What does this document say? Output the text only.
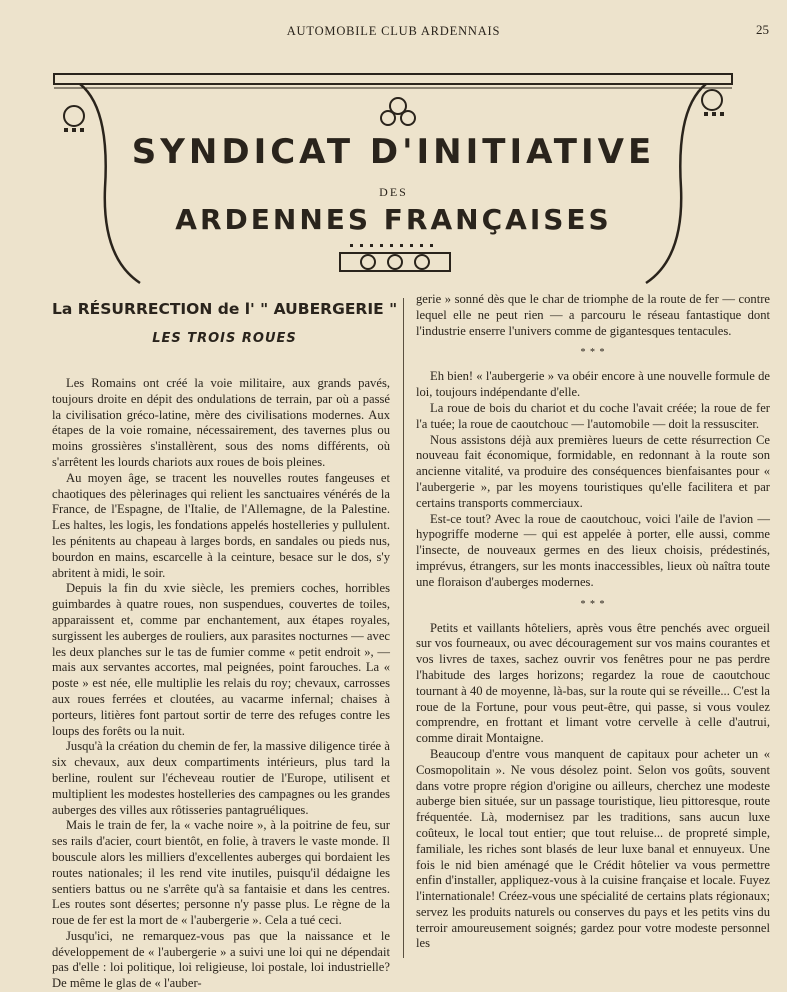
AUTOMOBILE CLUB ARDENNAIS	25
SYNDICAT D'INITIATIVE
DES
ARDENNES FRANÇAISES
La RÉSURRECTION de l' " AUBERGERIE "
LES TROIS ROUES

Les Romains ont créé la voie militaire, aux grands pavés, toujours droite en dépit des ondulations de terrain, par où a passé la civilisation gréco-latine, mère des civilisations modernes. Aux étapes de la voie romaine, nécessairement, des tavernes plus ou moins grossières s'installèrent, sous des noms différents, où s'arrêtent les lourds chariots aux roues de bois pleines.

Au moyen âge, se tracent les nouvelles routes fangeuses et chaotiques des pèlerinages qui relient les sanctuaires vénérés de la France, de l'Espagne, de l'Italie, de l'Allemagne, de la Palestine. Les haltes, les logis, les fondations appelés hostelleries y pullulent. les pénitents au chapeau à larges bords, en sandales ou pieds nus, bourdon en mains, escarcelle à la ceinture, besace sur le dos, s'y abritent à midi, le soir.

Depuis la fin du xvie siècle, les premiers coches, horribles guimbardes à quatre roues, non suspendues, couvertes de toiles, apparaissent et, comme par enchantement, aux étapes royales, surgissent les auberges de rouliers, aux parasites nocturnes — avec les deux planches sur le tas de fumier comme « petit endroit », — mais aux servantes accortes, mal peignées, point farouches. La « poste » est née, elle multiplie les relais du roy; chevaux, carrosses aux roues ferrées et cloutées, au vacarme infernal; chaises à porteurs, litières font partout sortir de terre des refuges contre les loups des forêts ou la nuit.

Jusqu'à la création du chemin de fer, la massive diligence tirée à six chevaux, aux deux compartiments intérieurs, plus tard la berline, roulent sur l'écheveau routier de l'Europe, utilisent et multiplient les modestes hostelleries des campagnes ou les grandes auberges des villes aux rôtisseries pantagruéliques.

Mais le train de fer, la « vache noire », à la poitrine de feu, sur ses rails d'acier, court bientôt, en folie, à travers le vaste monde. Il bouscule alors les milliers d'excellentes auberges qui bordaient les routes nationales; il les rend vite inutiles, puisqu'il dédaigne les sentiers battus ou ne s'arrête qu'à sa fantaisie et dans les centres. Les routes sont désertes; personne n'y passe plus. Le règne de la roue de fer est la mort de « l'aubergerie ». Cela a tué ceci.

Jusqu'ici, ne remarquez-vous pas que la naissance et le développement de « l'aubergerie » a suivi une loi qui ne dépendait pas d'elle : loi politique, loi religieuse, loi postale, loi industrielle? De même le glas de « l'auber-

gerie » sonné dès que le char de triomphe de la route de fer — contre lequel elle ne peut rien — a parcouru le réseau fantastique dont l'industrie enserre l'univers comme de gigantesques tentacules.

* * *

Eh bien! « l'aubergerie » va obéir encore à une nouvelle formule de loi, toujours indépendante d'elle.

La roue de bois du chariot et du coche l'avait créée; la roue de fer l'a tuée; la roue de caoutchouc — l'automobile — doit la ressusciter.

Nous assistons déjà aux premières lueurs de cette résurrection Ce nouveau fait économique, formidable, en redonnant à la route son ancienne vitalité, va produire des conséquences bienfaisantes pour « l'aubergerie », par les moyens touristiques qu'elle facilitera et par certains transports commerciaux.

Est-ce tout? Avec la roue de caoutchouc, voici l'aile de l'avion — hypogriffe moderne — qui est appelée à porter, elle aussi, comme l'insecte, de nouveaux germes en des lieux choisis, prédestinés, imprévus, étrangers, sur les monts inaccessibles, lieux où naîtra toute une floraison d'auberges modernes.

* * *

Petits et vaillants hôteliers, après vous être penchés avec orgueil sur vos fourneaux, ou avec découragement sur vos mains courantes et vos livres de taxes, sachez ouvrir vos fenêtres pour ne pas perdre l'habitude des larges horizons; regardez la roue de caoutchouc tournant à 40 de moyenne, là-bas, sur la route qui se réveille... C'est la roue de la Fortune, pour vous peut-être, qui passe, si vous voulez comprendre, en frottant et limant votre cervelle à celle d'autrui, comme dirait Montaigne.

Beaucoup d'entre vous manquent de capitaux pour acheter un « Cosmopolitain ». Ne vous désolez point. Selon vos goûts, souvent dans votre propre région d'origine ou ailleurs, cherchez une modeste auberge bien située, sur un passage touristique, lieu pittoresque, route fréquentée. Là, modernisez par les traditions, sans aucun luxe coûteux, le local tout entier; que tout reluise... de propreté simple, familiale, les riches sont blasés de leur luxe banal et ennuyeux. Une fois le nid bien aménagé que le Crédit hôtelier va vous permettre enfin d'installer, appliquez-vous à la cuisine française et locale. Fuyez l'internationale! Créez-vous une spécialité de certains plats régionaux; servez les produits naturels ou conserves du pays et les petits vins du terroir amoureusement soignés; gardez pour votre modeste personnel les
